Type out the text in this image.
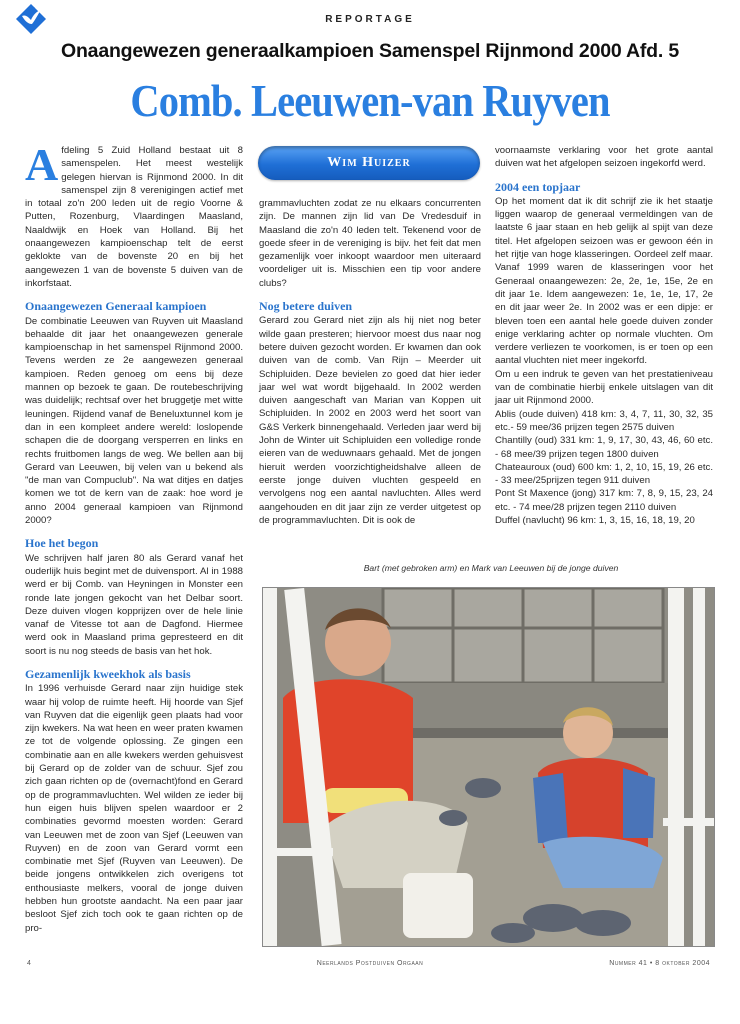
REPORTAGE
Onaangewezen generaalkampioen Samenspel Rijnmond 2000 Afd. 5
Comb. Leeuwen-van Ruyven

Afdeling 5 Zuid Holland bestaat uit 8 samenspelen. Het meest westelijk gelegen hiervan is Rijnmond 2000. In dit samenspel zijn 8 verenigingen actief met in totaal zo'n 200 leden uit de regio Voorne & Putten, Rozenburg, Vlaardingen Maasland, Naaldwijk en Hoek van Holland. Bij het onaangewezen kampioenschap telt de eerst geklokte van de bovenste 20 en bij het aangewezen 1 van de bovenste 5 duiven van de inkorfstaat.

Onaangewezen Generaal kampioen

De combinatie Leeuwen van Ruyven uit Maasland behaalde dit jaar het onaangewezen generale kampioenschap in het samenspel Rijnmond 2000. Tevens werden ze 2e aangewezen generaal kampioen. Reden genoeg om eens bij deze mannen op bezoek te gaan. De routebeschrijving was duidelijk; rechtsaf over het bruggetje met witte leuningen. Rijdend vanaf de Beneluxtunnel kom je dan in een kompleet andere wereld: loslopende schapen die de doorgang versperren en links en rechts fruitbomen langs de weg. We bellen aan bij Gerard van Leeuwen, bij velen van u bekend als "de man van Compuclub". Na wat ditjes en datjes komen we tot de kern van de zaak: hoe word je anno 2004 generaal kampioen van Rijnmond 2000?

Hoe het begon

We schrijven half jaren 80 als Gerard vanaf het ouderlijk huis begint met de duivensport. Al in 1988 werd er bij Comb. van Heyningen in Monster een ronde late jongen gekocht van het Delbar soort. Deze duiven vlogen kopprijzen over de hele linie vanaf de Vitesse tot aan de Dagfond. Hiermee werd ook in Maasland prima gepresteerd en dit soort is nu nog steeds de basis van het hok.

Gezamenlijk kweekhok als basis

In 1996 verhuisde Gerard naar zijn huidige stek waar hij volop de ruimte heeft. Hij hoorde van Sjef van Ruyven dat die eigenlijk geen plaats had voor zijn kwekers. Na wat heen en weer praten kwamen ze tot de volgende oplossing. Ze gingen een combinatie aan en alle kwekers werden gehuisvest bij Gerard op de zolder van de schuur. Sjef zou zich gaan richten op de (overnacht)fond en Gerard op de programmavluchten. Wel wilden ze ieder bij hun eigen huis blijven spelen waardoor er 2 combinaties gevormd moesten worden: Gerard van Leeuwen met de zoon van Sjef (Leeuwen van Ruyven) en de zoon van Gerard vormt een combinatie met Sjef (Ruyven van Leeuwen). De beide jongens ontwikkelen zich overigens tot enthousiaste melkers, vooral de jonge duiven hebben hun grootste aandacht. Na een paar jaar besloot Sjef zich toch ook te gaan richten op de pro-

Wim Huizer

grammavluchten zodat ze nu elkaars concurrenten zijn. De mannen zijn lid van De Vredesduif in Maasland die zo'n 40 leden telt. Tekenend voor de goede sfeer in de vereniging is bijv. het feit dat men gezamenlijk voer inkoopt waardoor men uiteraard voordeliger uit is. Misschien een tip voor andere clubs?

Nog betere duiven

Gerard zou Gerard niet zijn als hij niet nog beter wilde gaan presteren; hiervoor moest dus naar nog betere duiven gezocht worden. Er kwamen dan ook duiven van de comb. Van Rijn – Meerder uit Schipluiden. Deze bevielen zo goed dat hier ieder jaar wel wat wordt bijgehaald. In 2002 werden duiven aangeschaft van Marian van Koppen uit Schipluiden. In 2002 en 2003 werd het soort van G&S Verkerk binnengehaald. Verleden jaar werd bij John de Winter uit Schipluiden een volledige ronde eieren van de weduwnaars gehaald. Met de jongen hieruit werden voorzichtigheidshalve alleen de eerste jonge duiven vluchten gespeeld en vervolgens nog een aantal navluchten. Alles werd aangehouden en dit jaar zijn ze verder uitgetest op de programmavluchten. Dit is ook de

voornaamste verklaring voor het grote aantal duiven wat het afgelopen seizoen ingekorfd werd.

2004 een topjaar

Op het moment dat ik dit schrijf zie ik het staatje liggen waarop de generaal vermeldingen van de laatste 6 jaar staan en heb gelijk al spijt van deze titel. Het afgelopen seizoen was er gewoon één in het rijtje van hoge klasseringen. Oordeel zelf maar. Vanaf 1999 waren de klasseringen voor het Generaal onaangewezen: 2e, 2e, 1e, 15e, 2e en dit jaar 1e. Idem aangewezen: 1e, 1e, 1e, 17, 2e en dit jaar weer 2e. In 2002 was er een dipje: er bleven toen een aantal hele goede duiven zonder enige verklaring achter op normale vluchten. Om verdere verliezen te voorkomen, is er toen op een aantal vluchten niet meer ingekorfd.

Om u een indruk te geven van het prestatieniveau van de combinatie hierbij enkele uitslagen van dit jaar uit Rijnmond 2000.

Ablis (oude duiven) 418 km: 3, 4, 7, 11, 30, 32, 35 etc.- 59 mee/36 prijzen tegen 2575 duiven

Chantilly (oud) 331 km: 1, 9, 17, 30, 43, 46, 60 etc. - 68 mee/39 prijzen tegen 1800 duiven

Chateauroux (oud) 600 km: 1, 2, 10, 15, 19, 26 etc. - 33 mee/25prijzen tegen 911 duiven

Pont St Maxence (jong) 317 km: 7, 8, 9, 15, 23, 24 etc. - 74 mee/28 prijzen tegen 2110 duiven

Duffel (navlucht) 96 km: 1, 3, 15, 16, 18, 19, 20

Bart (met gebroken arm) en Mark van Leeuwen bij de jonge duiven
4	Neerlands Postduiven Orgaan	Nummer 41 • 8 oktober 2004
